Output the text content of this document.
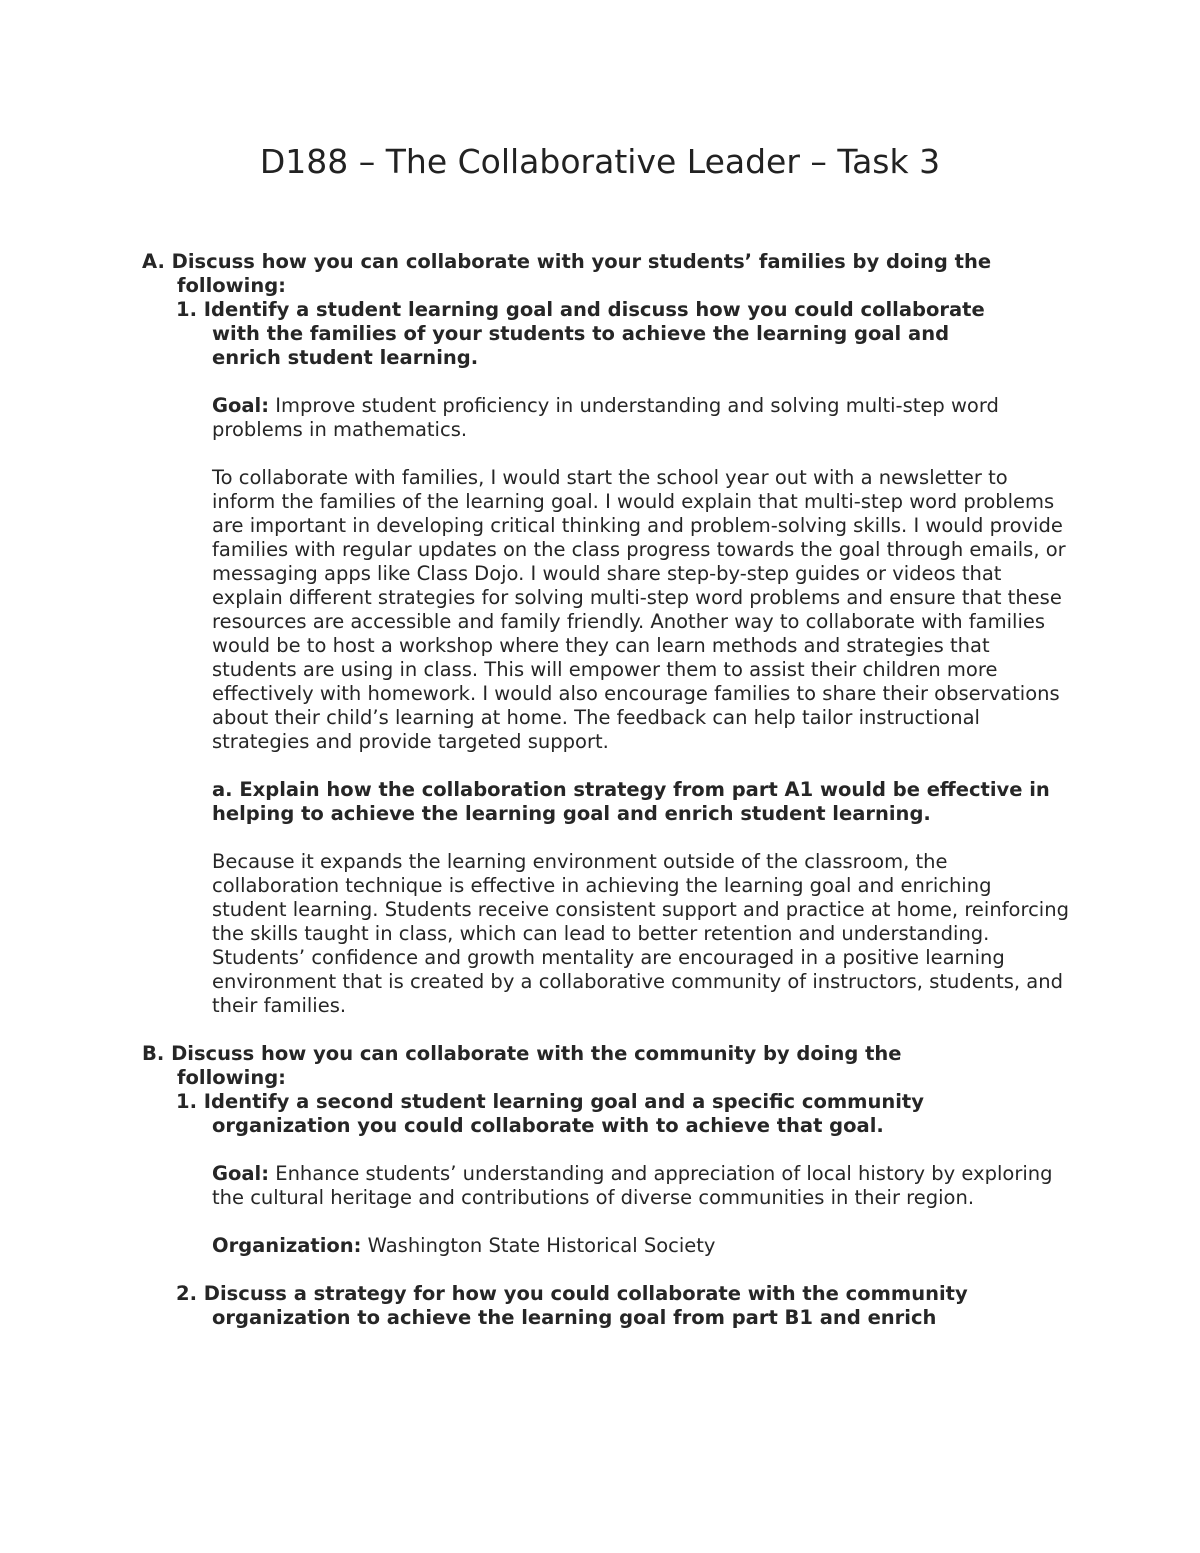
D188 – The Collaborative Leader – Task 3

A. Discuss how you can collaborate with your students’ families by doing the
following:

1. Identify a student learning goal and discuss how you could collaborate
with the families of your students to achieve the learning goal and
enrich student learning.

Goal: Improve student proficiency in understanding and solving multi-step word problems in mathematics.

To collaborate with families, I would start the school year out with a newsletter to inform the families of the learning goal. I would explain that multi-step word problems are important in developing critical thinking and problem-solving skills. I would provide families with regular updates on the class progress towards the goal through emails, or messaging apps like Class Dojo. I would share step-by-step guides or videos that explain different strategies for solving multi-step word problems and ensure that these resources are accessible and family friendly. Another way to collaborate with families would be to host a workshop where they can learn methods and strategies that students are using in class. This will empower them to assist their children more effectively with homework. I would also encourage families to share their observations about their child’s learning at home. The feedback can help tailor instructional strategies and provide targeted support.

a. Explain how the collaboration strategy from part A1 would be effective in helping to achieve the learning goal and enrich student learning.

Because it expands the learning environment outside of the classroom, the collaboration technique is effective in achieving the learning goal and enriching student learning. Students receive consistent support and practice at home, reinforcing the skills taught in class, which can lead to better retention and understanding. Students’ confidence and growth mentality are encouraged in a positive learning environment that is created by a collaborative community of instructors, students, and their families.

B. Discuss how you can collaborate with the community by doing the
following:

1. Identify a second student learning goal and a specific community
organization you could collaborate with to achieve that goal.

Goal: Enhance students’ understanding and appreciation of local history by exploring the cultural heritage and contributions of diverse communities in their region.

Organization: Washington State Historical Society

2. Discuss a strategy for how you could collaborate with the community
organization to achieve the learning goal from part B1 and enrich
